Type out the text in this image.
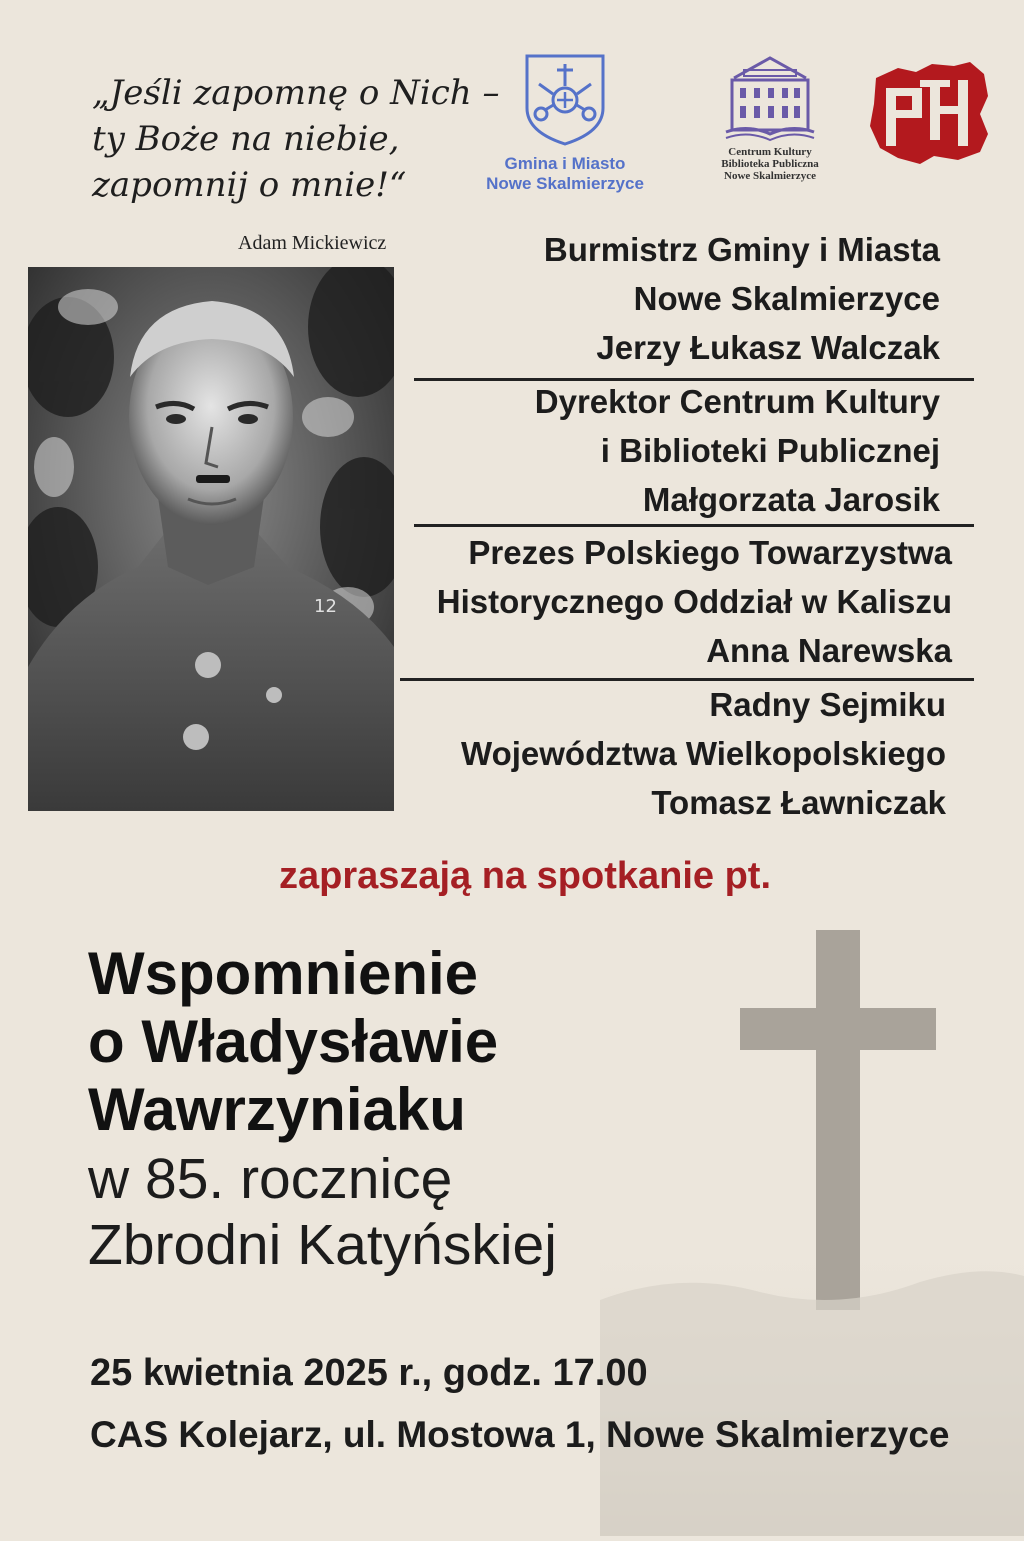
„Jeśli zapomnę o Nich –
ty Boże na niebie,
zapomnij o mnie!“
Adam Mickiewicz
Gmina i Miasto
Nowe Skalmierzyce
Centrum Kultury
Biblioteka Publiczna
Nowe Skalmierzyce
12
Burmistrz Gminy i Miasta
Nowe Skalmierzyce
Jerzy Łukasz Walczak
Dyrektor Centrum Kultury
i Biblioteki Publicznej
Małgorzata Jarosik
Prezes Polskiego Towarzystwa
Historycznego Oddział w Kaliszu
Anna Narewska
Radny Sejmiku
Województwa Wielkopolskiego
Tomasz Ławniczak
zapraszają na spotkanie pt.
Wspomnienie
o Władysławie
Wawrzyniaku
w 85. rocznicę
Zbrodni Katyńskiej
25 kwietnia 2025 r., godz. 17.00
CAS Kolejarz, ul. Mostowa 1, Nowe Skalmierzyce
